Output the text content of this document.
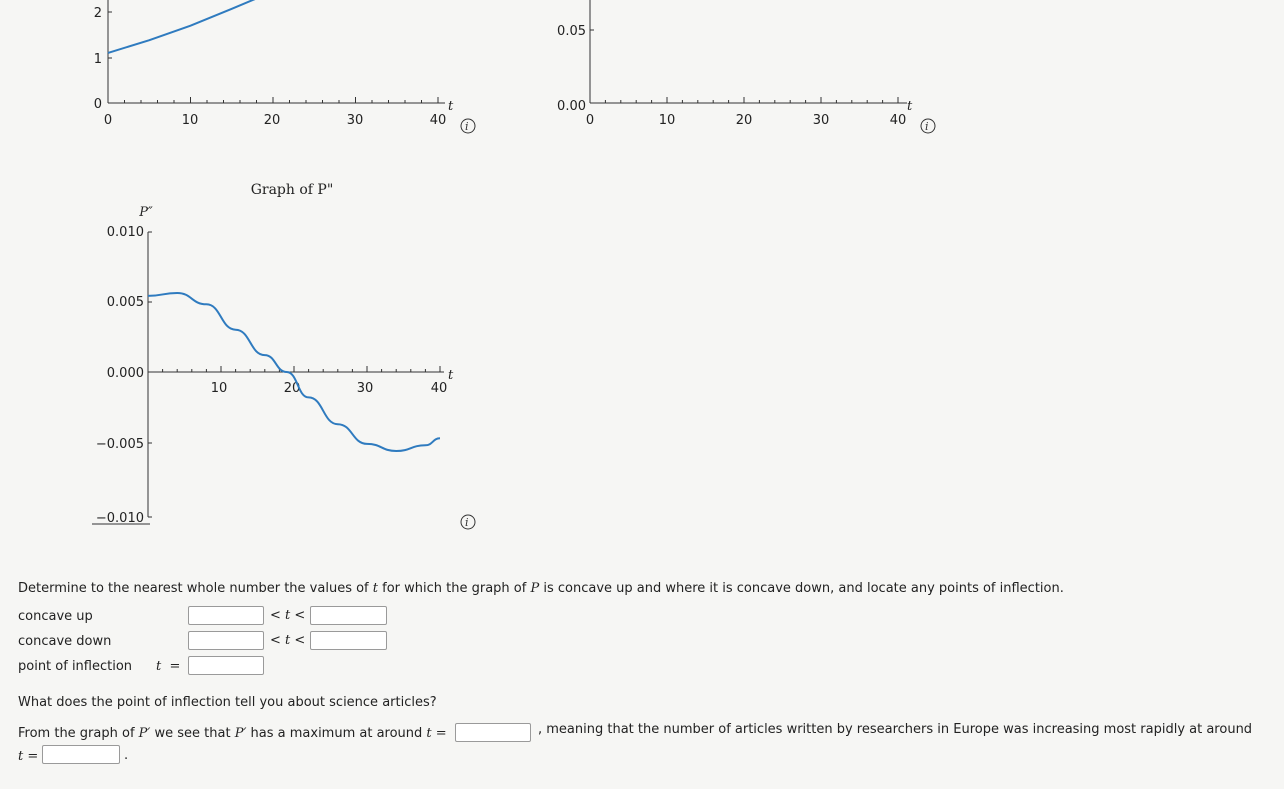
2
1
0
0	10	20	30	40
t
i
0.05
0.00
0	10	20	30	40
t
i
Graph of P"
P″
0.010
0.005
0.000
−0.005
−0.010
10	20	30	40
t
i
Determine to the nearest whole number the values of t for which the graph of P is concave up and where it is concave down, and locate any points of inflection.
concave up	< t <
concave down	< t <
point of inflection t  =
What does the point of inflection tell you about science articles?
From the graph of P′ we see that P′ has a maximum at around t =	, meaning that the number of articles written by researchers in Europe was increasing most rapidly at around
t =	.
